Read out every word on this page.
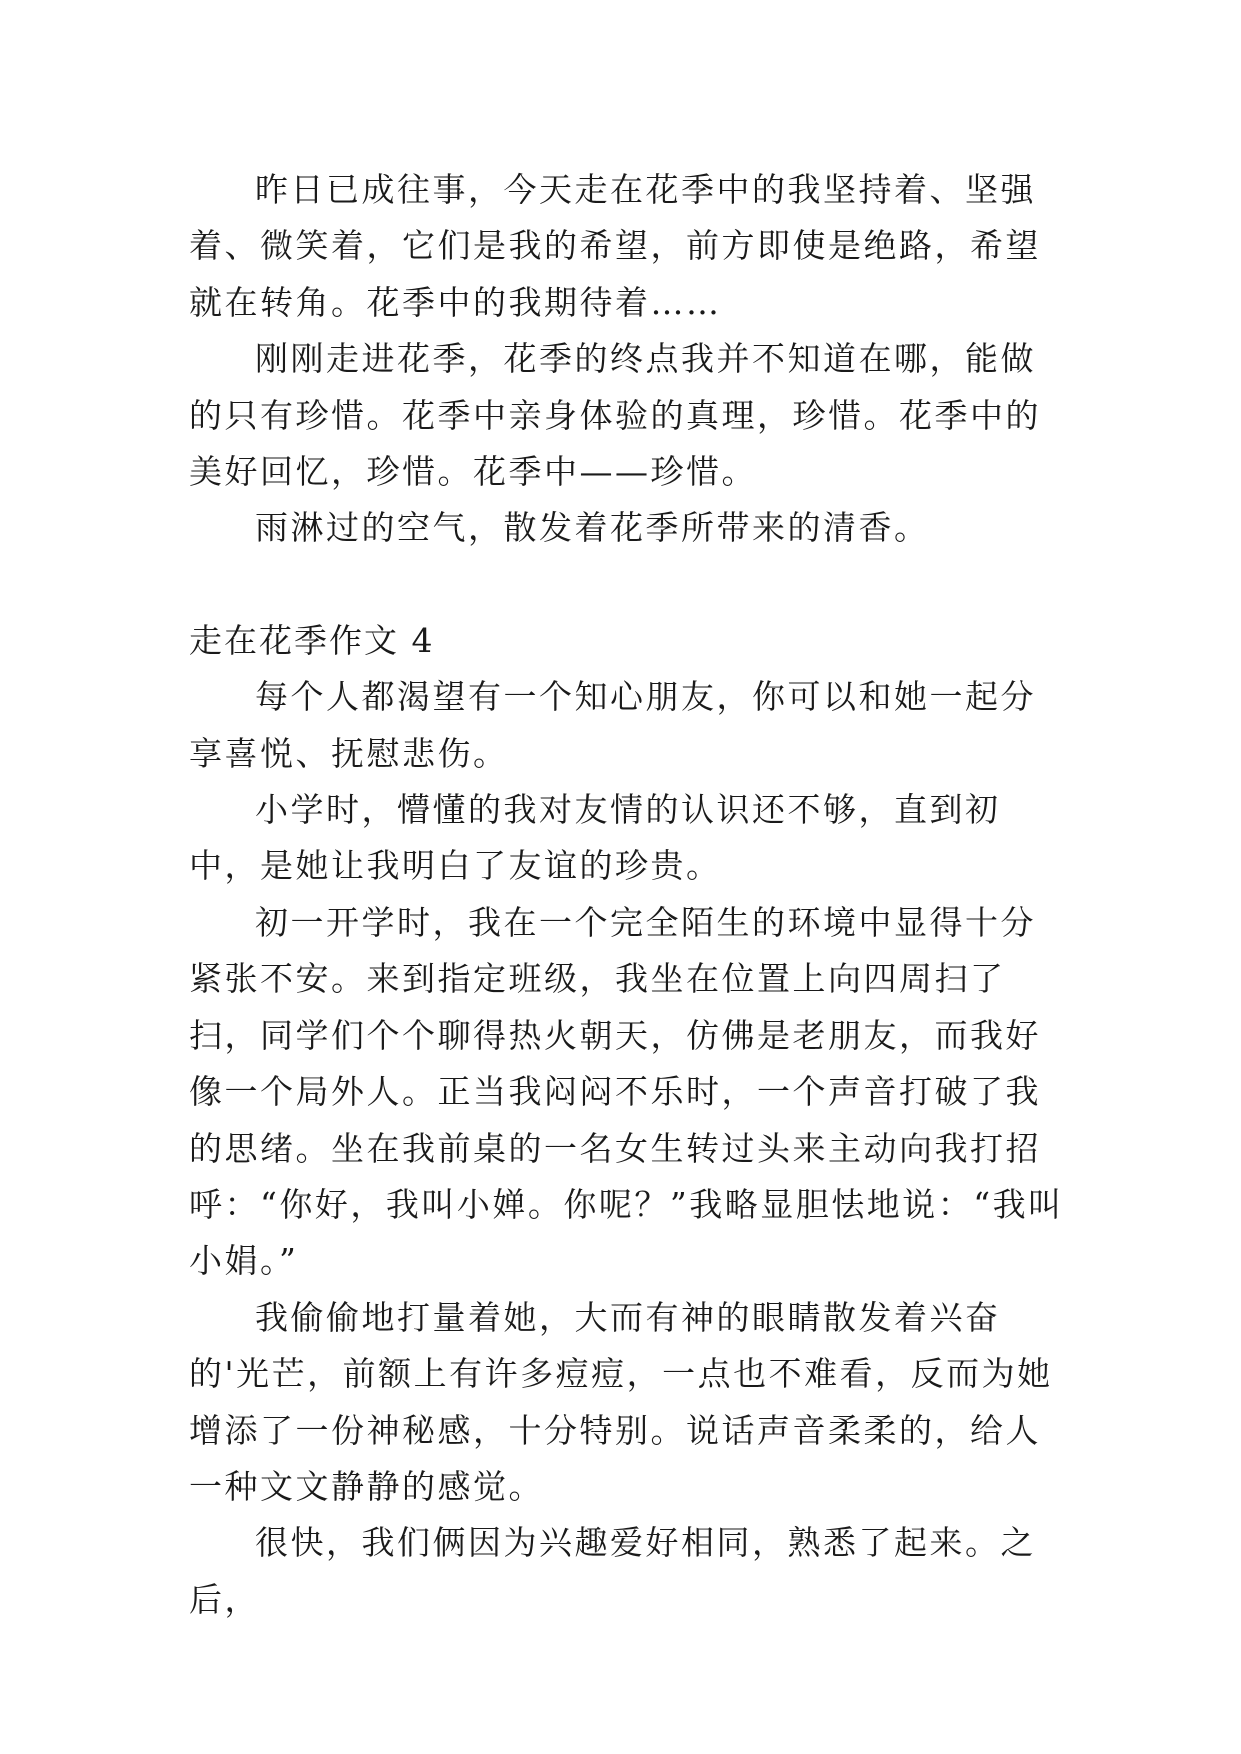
昨日已成往事，今天走在花季中的我坚持着、坚强着、微笑着，它们是我的希望，前方即使是绝路，希望就在转角。花季中的我期待着……

刚刚走进花季，花季的终点我并不知道在哪，能做的只有珍惜。花季中亲身体验的真理，珍惜。花季中的美好回忆，珍惜。花季中——珍惜。

雨淋过的空气，散发着花季所带来的清香。

走在花季作文 4

每个人都渴望有一个知心朋友，你可以和她一起分享喜悦、抚慰悲伤。

小学时，懵懂的我对友情的认识还不够，直到初中，是她让我明白了友谊的珍贵。

初一开学时，我在一个完全陌生的环境中显得十分紧张不安。来到指定班级，我坐在位置上向四周扫了扫，同学们个个聊得热火朝天，仿佛是老朋友，而我好像一个局外人。正当我闷闷不乐时，一个声音打破了我的思绪。坐在我前桌的一名女生转过头来主动向我打招呼：“你好，我叫小婵。你呢？”我略显胆怯地说：“我叫小娟。”

我偷偷地打量着她，大而有神的眼睛散发着兴奋的'光芒，前额上有许多痘痘，一点也不难看，反而为她增添了一份神秘感，十分特别。说话声音柔柔的，给人一种文文静静的感觉。

很快，我们俩因为兴趣爱好相同，熟悉了起来。之后，
